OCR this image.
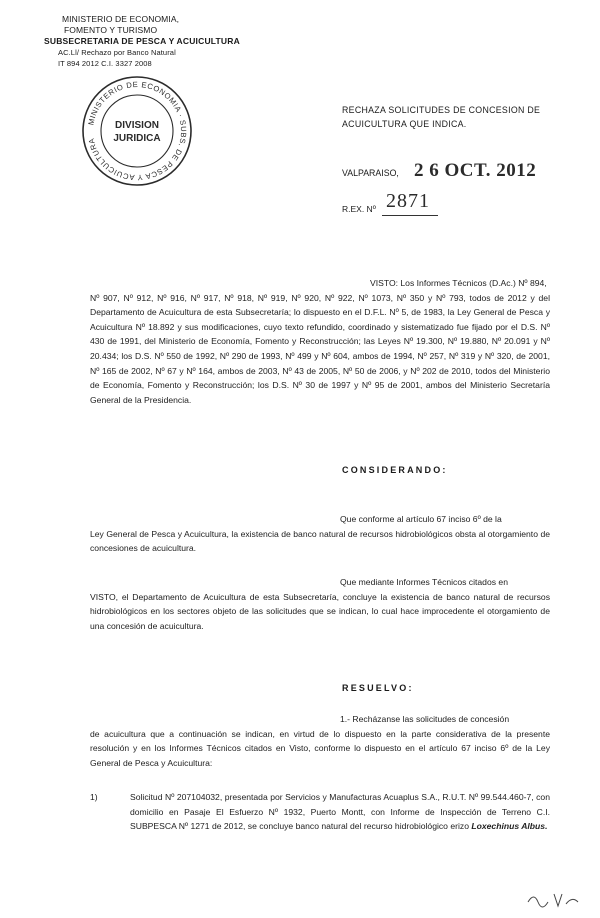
MINISTERIO DE ECONOMIA,
FOMENTO Y TURISMO
SUBSECRETARIA DE PESCA Y ACUICULTURA
AC.Ll/ Rechazo por Banco Natural
IT 894 2012 C.I. 3327 2008
MINISTERIO DE ECONOMIA · SUBS. DE PESCA Y ACUICULTURA
DIVISION
JURIDICA
RECHAZA SOLICITUDES DE CONCESION DE
ACUICULTURA QUE INDICA.
VALPARAISO, 2 6 OCT. 2012
R.EX. Nº 2871
VISTO: Los Informes Técnicos (D.Ac.) Nº 894,
Nº 907, Nº 912, Nº 916, Nº 917, Nº 918, Nº 919, Nº 920, Nº 922, Nº 1073, Nº 350 y Nº 793, todos de 2012 y del Departamento de Acuicultura de esta Subsecretaría; lo dispuesto en el D.F.L. Nº 5, de 1983, la Ley General de Pesca y Acuicultura Nº 18.892 y sus modificaciones, cuyo texto refundido, coordinado y sistematizado fue fijado por el D.S. Nº 430 de 1991, del Ministerio de Economía, Fomento y Reconstrucción; las Leyes Nº 19.300, Nº 19.880, Nº 20.091 y Nº 20.434; los D.S. Nº 550 de 1992, Nº 290 de 1993, Nº 499 y Nº 604, ambos de 1994, Nº 257, Nº 319 y Nº 320, de 2001, Nº 165 de 2002, Nº 67 y Nº 164, ambos de 2003, Nº 43 de 2005, Nº 50 de 2006, y Nº 202 de 2010, todos del Ministerio de Economía, Fomento y Reconstrucción; los D.S. Nº 30 de 1997 y Nº 95 de 2001, ambos del Ministerio Secretaría General de la Presidencia.
CONSIDERANDO:
Que conforme al artículo 67 inciso 6º de la
Ley General de Pesca y Acuicultura, la existencia de banco natural de recursos hidrobiológicos obsta al otorgamiento de concesiones de acuicultura.
Que mediante Informes Técnicos citados en
VISTO, el Departamento de Acuicultura de esta Subsecretaría, concluye la existencia de banco natural de recursos hidrobiológicos en los sectores objeto de las solicitudes que se indican, lo cual hace improcedente el otorgamiento de una concesión de acuicultura.
RESUELVO:
1.- Recházanse las solicitudes de concesión
de acuicultura que a continuación se indican, en virtud de lo dispuesto en la parte considerativa de la presente resolución y en los Informes Técnicos citados en Visto, conforme lo dispuesto en el artículo 67 inciso 6º de la Ley General de Pesca y Acuicultura:
1)	Solicitud Nº 207104032, presentada por Servicios y Manufacturas Acuaplus S.A., R.U.T. Nº 99.544.460-7, con domicilio en Pasaje El Esfuerzo Nº 1932, Puerto Montt, con Informe de Inspección de Terreno C.I. SUBPESCA Nº 1271 de 2012, se concluye banco natural del recurso hidrobiológico erizo Loxechinus Albus.
